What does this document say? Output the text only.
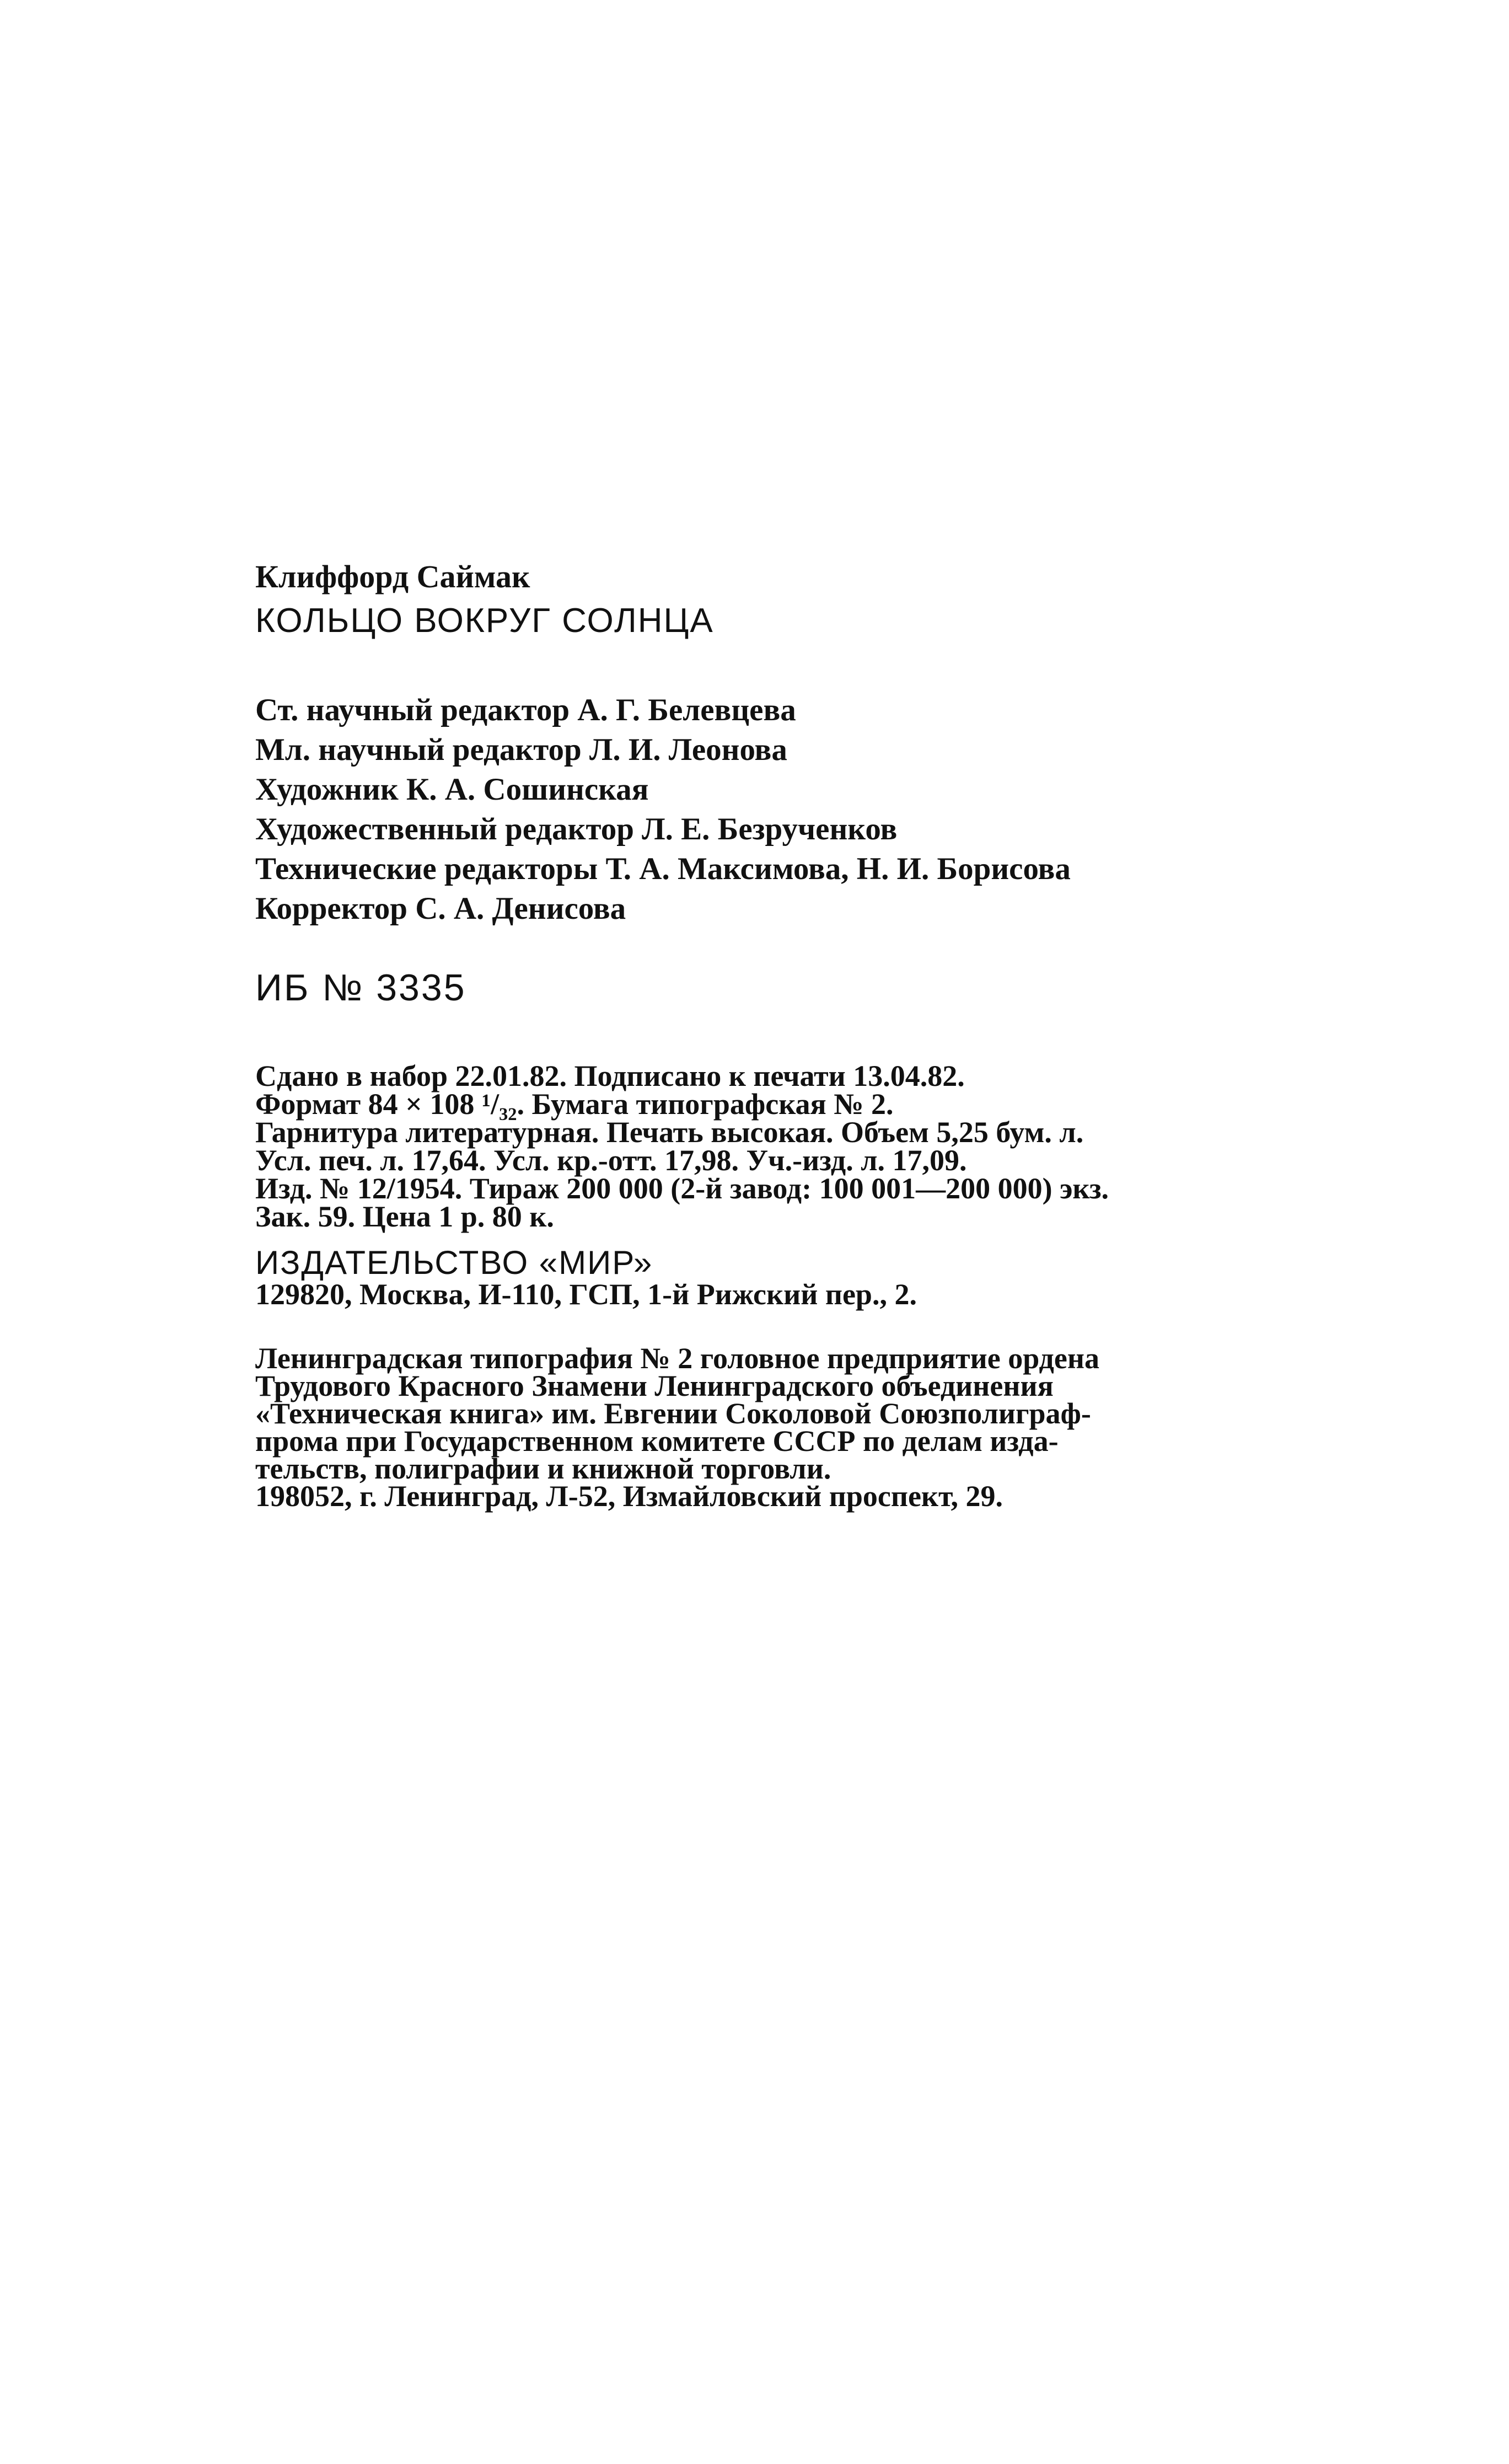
Клиффорд Саймак
КОЛЬЦО ВОКРУГ СОЛНЦА
Ст. научный редактор А. Г. Белевцева
Мл. научный редактор Л. И. Леонова
Художник К. А. Сошинская
Художественный редактор Л. Е. Безрученков
Технические редакторы Т. А. Максимова, Н. И. Борисова
Корректор С. А. Денисова
ИБ № 3335
Сдано в набор 22.01.82. Подписано к печати 13.04.82.
Формат 84 × 108 ¹/₃₂. Бумага типографская № 2.
Гарнитура литературная. Печать высокая. Объем 5,25 бум. л.
Усл. печ. л. 17,64. Усл. кр.-отт. 17,98. Уч.-изд. л. 17,09.
Изд. № 12/1954. Тираж 200 000 (2-й завод: 100 001—200 000) экз.
Зак. 59. Цена 1 р. 80 к.
ИЗДАТЕЛЬСТВО «МИР»
129820, Москва, И-110, ГСП, 1-й Рижский пер., 2.
Ленинградская типография № 2 головное предприятие ордена
Трудового Красного Знамени Ленинградского объединения
«Техническая книга» им. Евгении Соколовой Союзполиграф-
прома при Государственном комитете СССР по делам изда-
тельств, полиграфии и книжной торговли.
198052, г. Ленинград, Л-52, Измайловский проспект, 29.
